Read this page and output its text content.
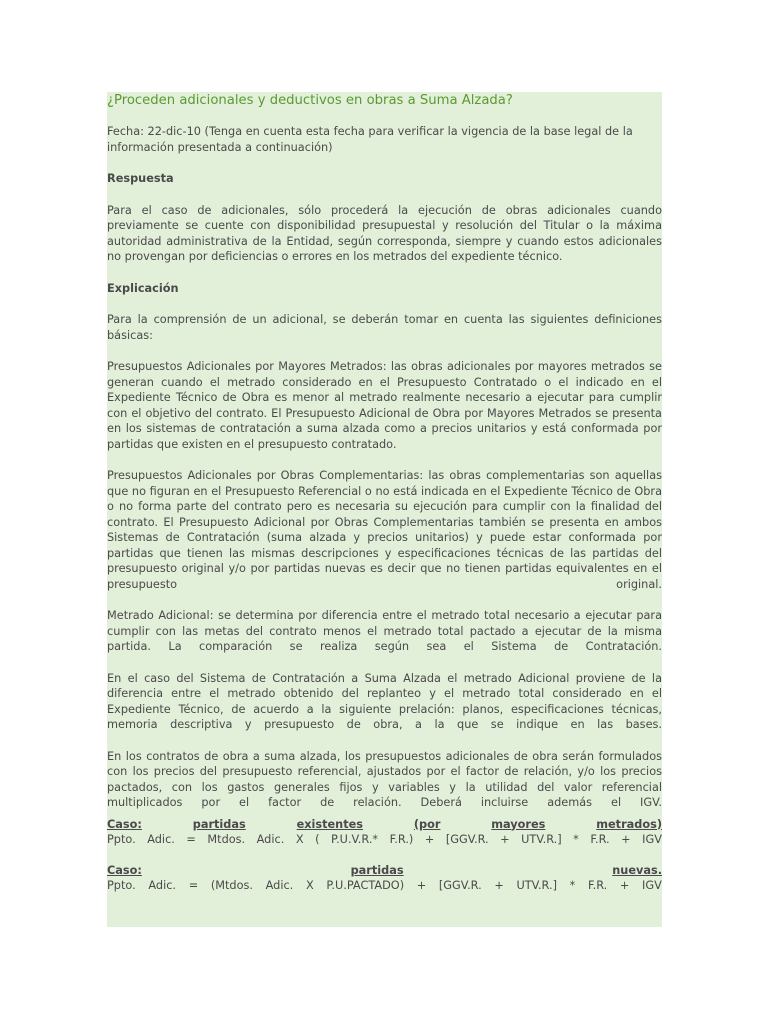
¿Proceden adicionales y deductivos en obras a Suma Alzada?

Fecha: 22-dic-10 (Tenga en cuenta esta fecha para verificar la vigencia de la base legal de la información presentada a continuación)

Respuesta

Para el caso de adicionales, sólo procederá la ejecución de obras adicionales cuando previamente se cuente con disponibilidad presupuestal y resolución del Titular o la máxima autoridad administrativa de la Entidad, según corresponda, siempre y cuando estos adicionales no provengan por deficiencias o errores en los metrados del expediente técnico.

Explicación

Para la comprensión de un adicional, se deberán tomar en cuenta las siguientes definiciones básicas:

Presupuestos Adicionales por Mayores Metrados: las obras adicionales por mayores metrados se generan cuando el metrado considerado en el Presupuesto Contratado o el indicado en el Expediente Técnico de Obra es menor al metrado realmente necesario a ejecutar para cumplir con el objetivo del contrato. El Presupuesto Adicional de Obra por Mayores Metrados se presenta en los sistemas de contratación a suma alzada como a precios unitarios y está conformada por partidas que existen en el presupuesto contratado.

Presupuestos Adicionales por Obras Complementarias: las obras complementarias son aquellas que no figuran en el Presupuesto Referencial o no está indicada en el Expediente Técnico de Obra o no forma parte del contrato pero es necesaria su ejecución para cumplir con la finalidad del contrato. El Presupuesto Adicional por Obras Complementarias también se presenta en ambos Sistemas de Contratación (suma alzada y precios unitarios) y puede estar conformada por partidas que tienen las mismas descripciones y especificaciones técnicas de las partidas del presupuesto original y/o por partidas nuevas es decir que no tienen partidas equivalentes en el presupuesto original.

Metrado Adicional: se determina por diferencia entre el metrado total necesario a ejecutar para cumplir con las metas del contrato menos el metrado total pactado a ejecutar de la misma partida. La comparación se realiza según sea el Sistema de Contratación.

En el caso del Sistema de Contratación a Suma Alzada el metrado Adicional proviene de la diferencia entre el metrado obtenido del replanteo y el metrado total considerado en el Expediente Técnico, de acuerdo a la siguiente prelación: planos, especificaciones técnicas, memoria descriptiva y presupuesto de obra, a la que se indique en las bases.

En los contratos de obra a suma alzada, los presupuestos adicionales de obra serán formulados con los precios del presupuesto referencial, ajustados por el factor de relación, y/o los precios pactados, con los gastos generales fijos y variables y la utilidad del valor referencial multiplicados por el factor de relación. Deberá incluirse además el IGV.

Caso:	partidas	existentes	(por	mayores	metrados)
Ppto. Adic. = Mtdos. Adic. X ( P.U.V.R.* F.R.) + [GGV.R. + UTV.R.] * F.R. + IGV
Caso:	partidas	nuevas.
Ppto. Adic. = (Mtdos. Adic. X P.U.PACTADO) + [GGV.R. + UTV.R.] * F.R. + IGV
